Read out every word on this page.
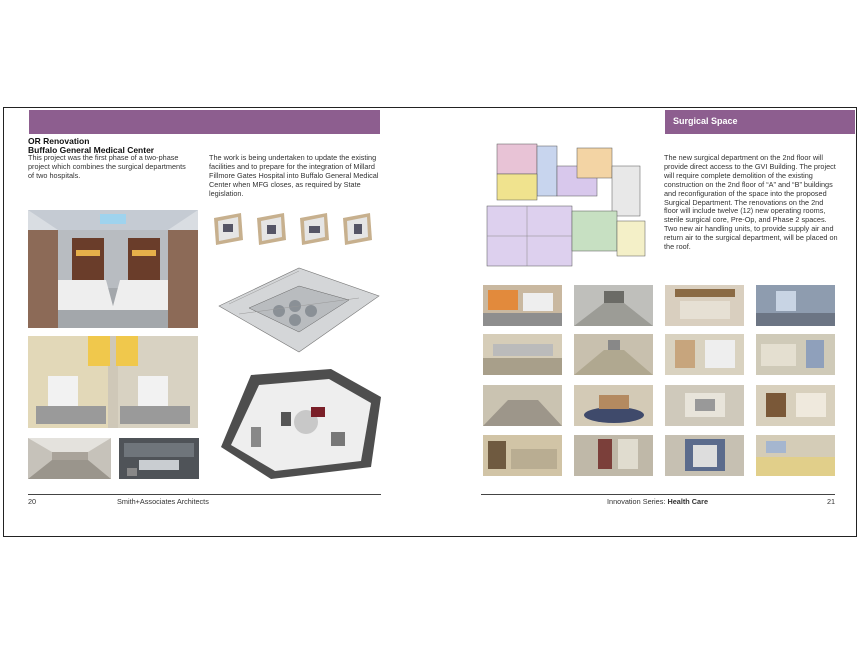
OR Renovation
Buffalo General Medical Center
This project was the first phase of a two-phase project which combines the surgical departments of two hospitals.
The work is being undertaken to update the existing facilities and to prepare for the integration of Millard Fillmore Gates Hospital into Buffalo General Medical Center when MFG closes, as required by State legislation.
20	Smith+Associates Architects
Surgical Space
The new surgical department on the 2nd floor will provide direct access to the GVI Building. The project will require complete demolition of the existing construction on the 2nd floor of “A” and “B” buildings and reconfiguration of the space into the proposed Surgical Department. The renovations on the 2nd floor will include twelve (12) new operating rooms, sterile surgical core, Pre-Op, and Phase 2 spaces. Two new air handling units, to provide supply air and return air to the surgical department, will be placed on the roof.
Innovation Series: Health Care	21
